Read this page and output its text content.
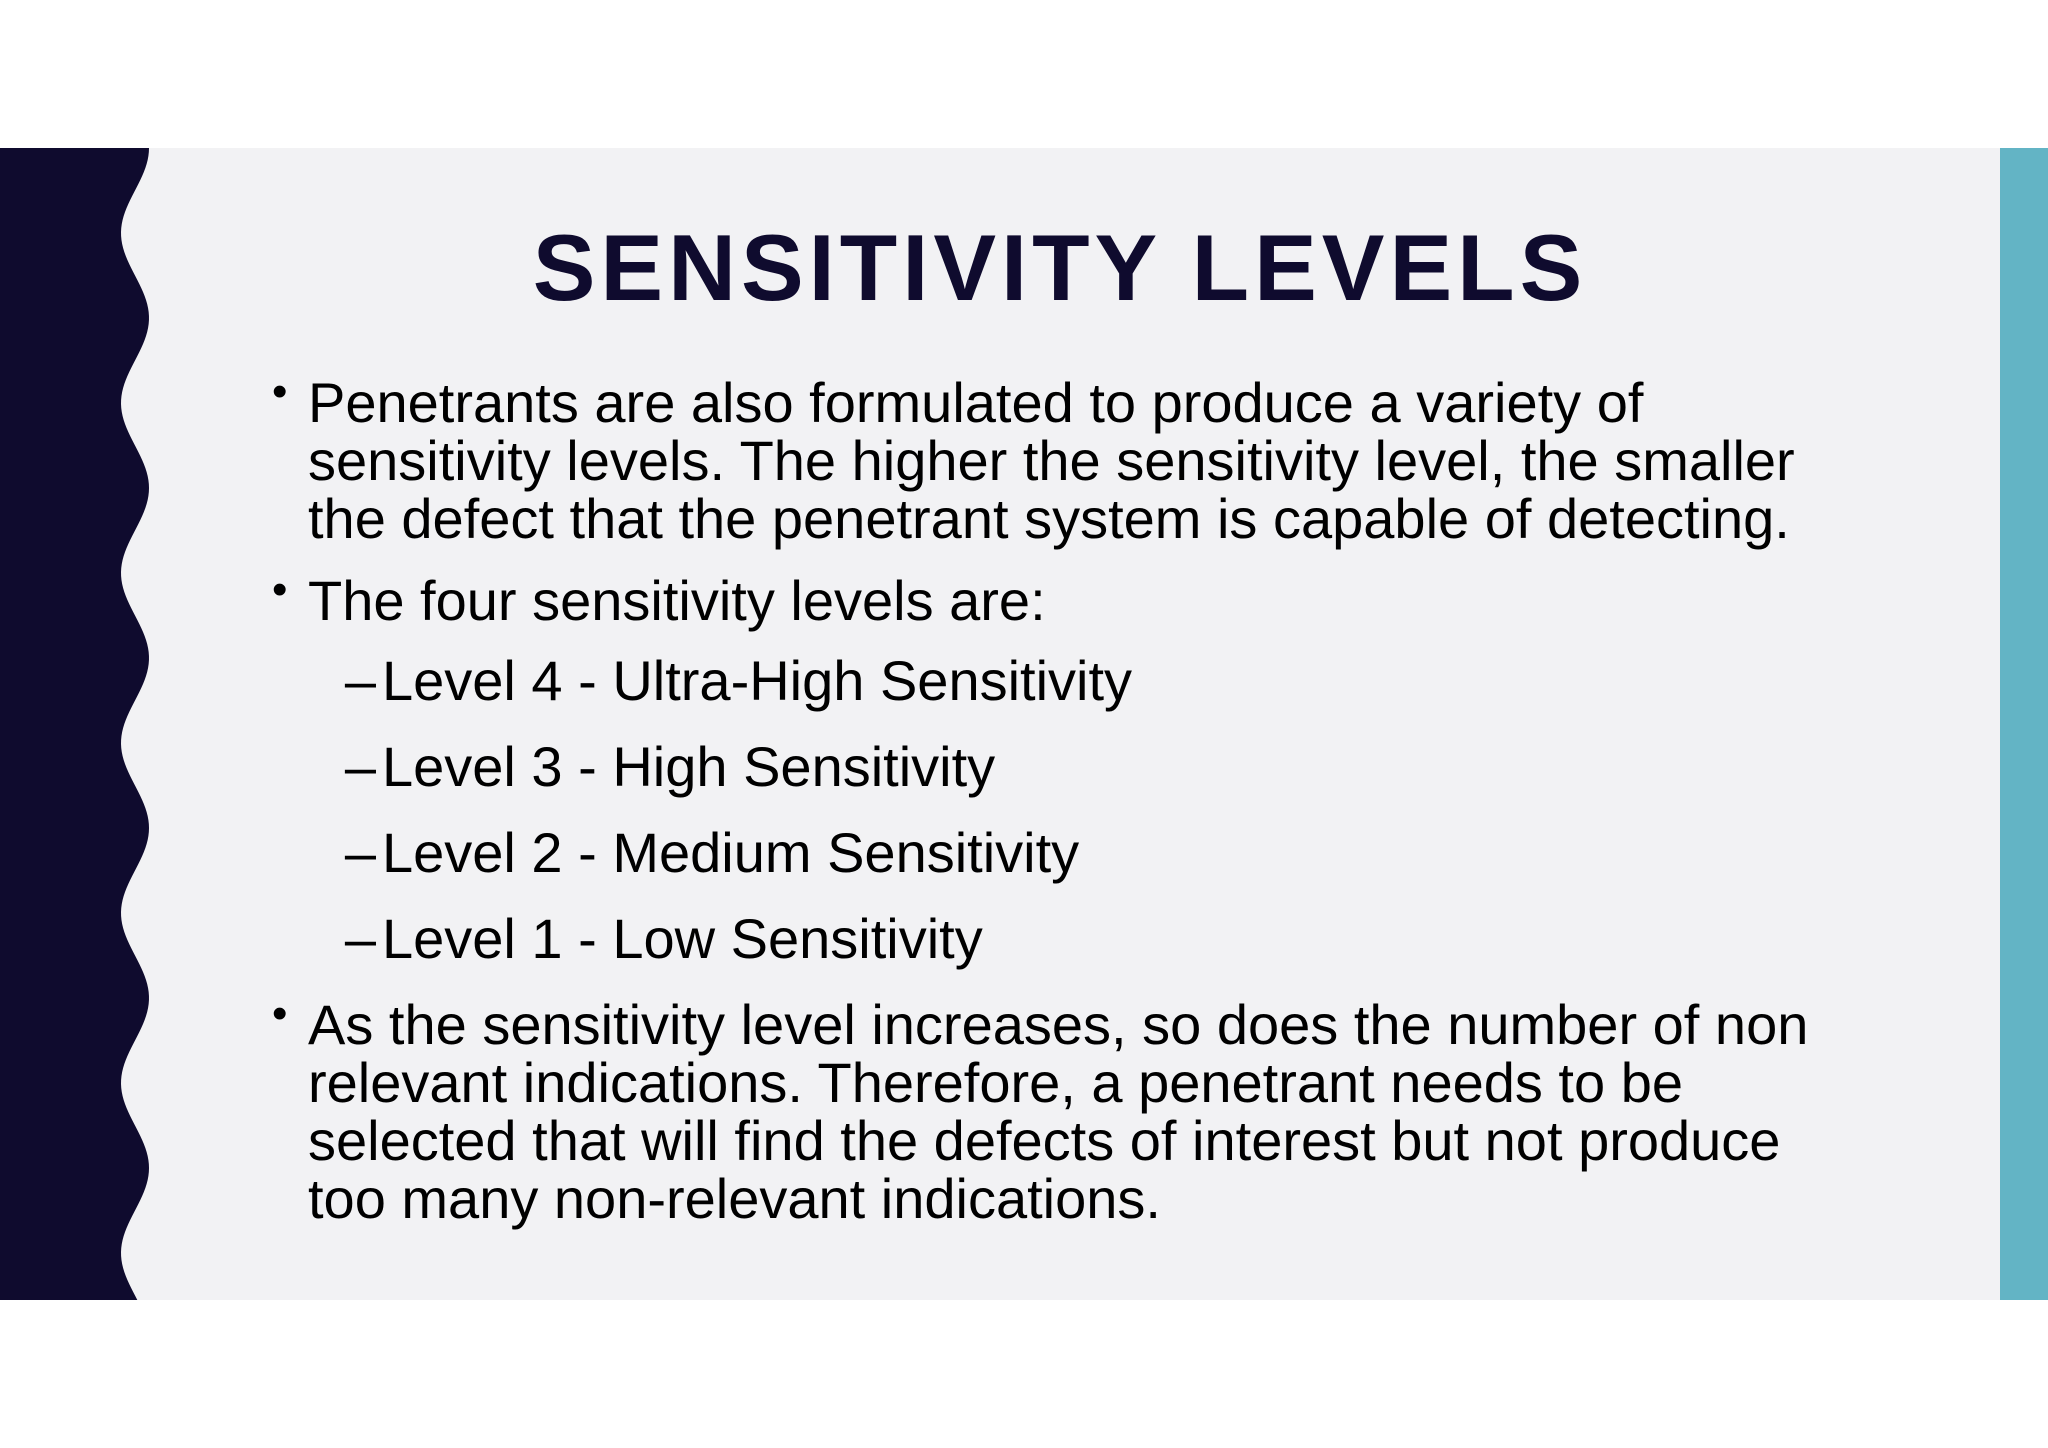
SENSITIVITY LEVELS
• Penetrants are also formulated to produce a variety of sensitivity levels. The higher the sensitivity level, the smaller the defect that the penetrant system is capable of detecting.
• The four sensitivity levels are:
– Level 4 - Ultra-High Sensitivity
– Level 3 - High Sensitivity
– Level 2 - Medium Sensitivity
– Level 1 - Low Sensitivity
• As the sensitivity level increases, so does the number of non relevant indications. Therefore, a penetrant needs to be selected that will find the defects of interest but not produce too many non-relevant indications.
